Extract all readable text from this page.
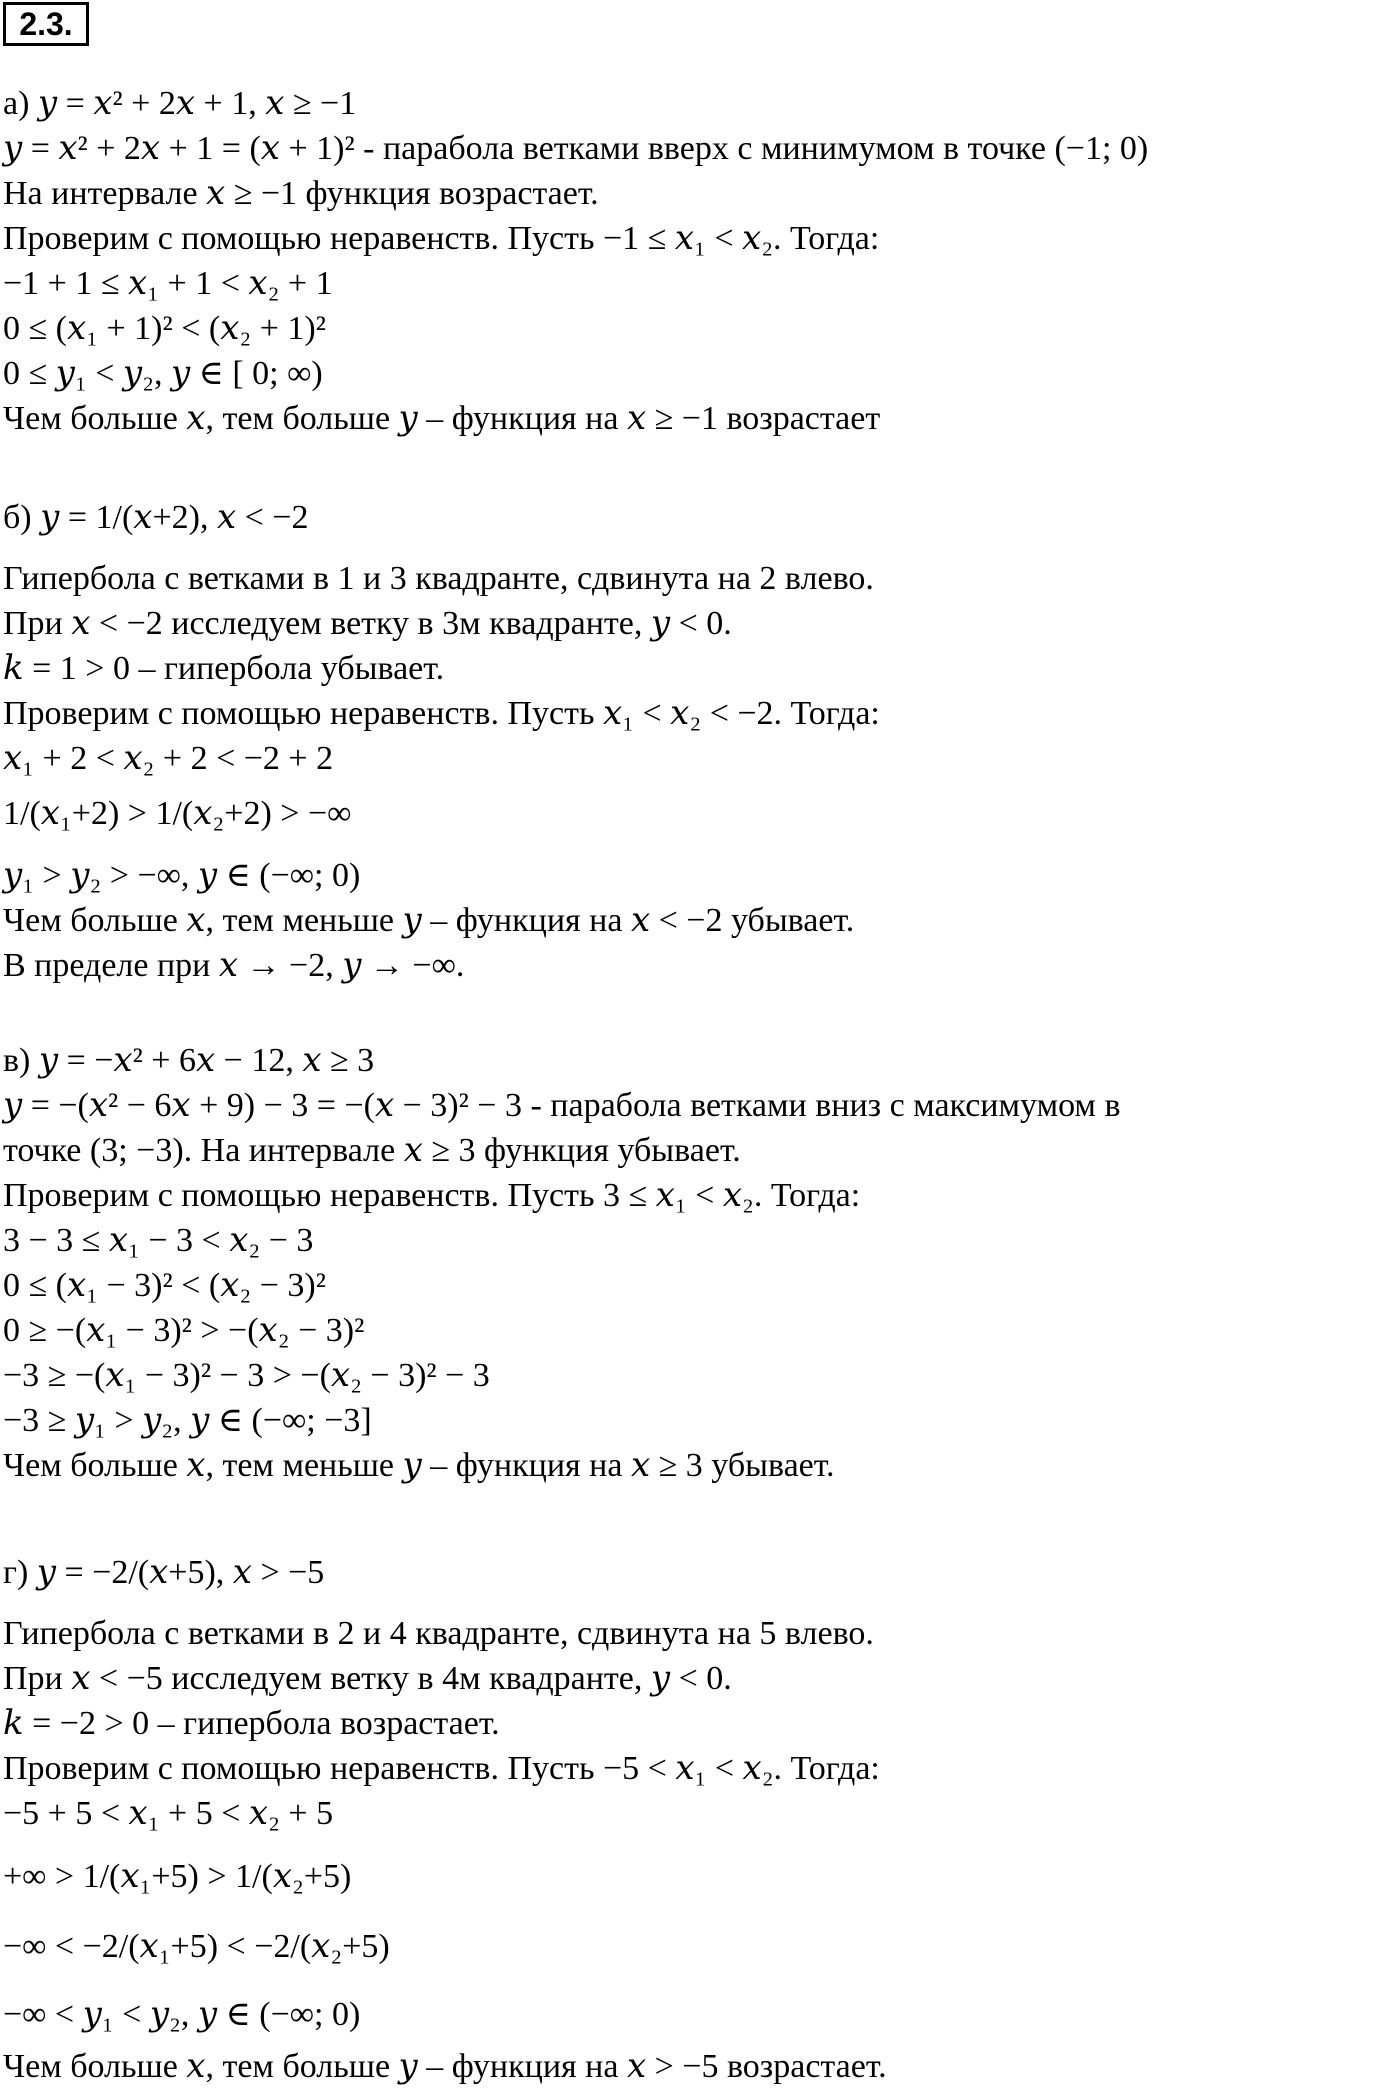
2.3.
а) 𝑦 = 𝑥² + 2𝑥 + 1, 𝑥 ≥ −1
𝑦 = 𝑥² + 2𝑥 + 1 = (𝑥 + 1)² - парабола ветками вверх с минимумом в точке (−1; 0)
На интервале 𝑥 ≥ −1 функция возрастает.
Проверим с помощью неравенств. Пусть −1 ≤ 𝑥₁ < 𝑥₂. Тогда:
−1 + 1 ≤ 𝑥₁ + 1 < 𝑥₂ + 1
0 ≤ (𝑥₁ + 1)² < (𝑥₂ + 1)²
0 ≤ 𝑦₁ < 𝑦₂, 𝑦 ∈ [ 0; ∞)
Чем больше 𝑥, тем больше 𝑦 – функция на 𝑥 ≥ −1 возрастает
б) 𝑦 = 1/(𝑥+2), 𝑥 < −2
Гипербола с ветками в 1 и 3 квадранте, сдвинута на 2 влево.
При 𝑥 < −2 исследуем ветку в 3м квадранте, 𝑦 < 0.
𝑘 = 1 > 0 – гипербола убывает.
Проверим с помощью неравенств. Пусть 𝑥₁ < 𝑥₂ < −2. Тогда:
𝑥₁ + 2 < 𝑥₂ + 2 < −2 + 2
1/(𝑥₁+2) > 1/(𝑥₂+2) > −∞
𝑦₁ > 𝑦₂ > −∞, 𝑦 ∈ (−∞; 0)
Чем больше 𝑥, тем меньше 𝑦 – функция на 𝑥 < −2 убывает.
В пределе при 𝑥 → −2, 𝑦 → −∞.
в) 𝑦 = −𝑥² + 6𝑥 − 12, 𝑥 ≥ 3
𝑦 = −(𝑥² − 6𝑥 + 9) − 3 = −(𝑥 − 3)² − 3 - парабола ветками вниз с максимумом в
точке (3; −3). На интервале 𝑥 ≥ 3 функция убывает.
Проверим с помощью неравенств. Пусть 3 ≤ 𝑥₁ < 𝑥₂. Тогда:
3 − 3 ≤ 𝑥₁ − 3 < 𝑥₂ − 3
0 ≤ (𝑥₁ − 3)² < (𝑥₂ − 3)²
0 ≥ −(𝑥₁ − 3)² > −(𝑥₂ − 3)²
−3 ≥ −(𝑥₁ − 3)² − 3 > −(𝑥₂ − 3)² − 3
−3 ≥ 𝑦₁ > 𝑦₂, 𝑦 ∈ (−∞; −3]
Чем больше 𝑥, тем меньше 𝑦 – функция на 𝑥 ≥ 3 убывает.
г) 𝑦 = −2/(𝑥+5), 𝑥 > −5
Гипербола с ветками в 2 и 4 квадранте, сдвинута на 5 влево.
При 𝑥 < −5 исследуем ветку в 4м квадранте, 𝑦 < 0.
𝑘 = −2 > 0 – гипербола возрастает.
Проверим с помощью неравенств. Пусть −5 < 𝑥₁ < 𝑥₂. Тогда:
−5 + 5 < 𝑥₁ + 5 < 𝑥₂ + 5
+∞ > 1/(𝑥₁+5) > 1/(𝑥₂+5)
−∞ < −2/(𝑥₁+5) < −2/(𝑥₂+5)
−∞ < 𝑦₁ < 𝑦₂, 𝑦 ∈ (−∞; 0)
Чем больше 𝑥, тем больше 𝑦 – функция на 𝑥 > −5 возрастает.
